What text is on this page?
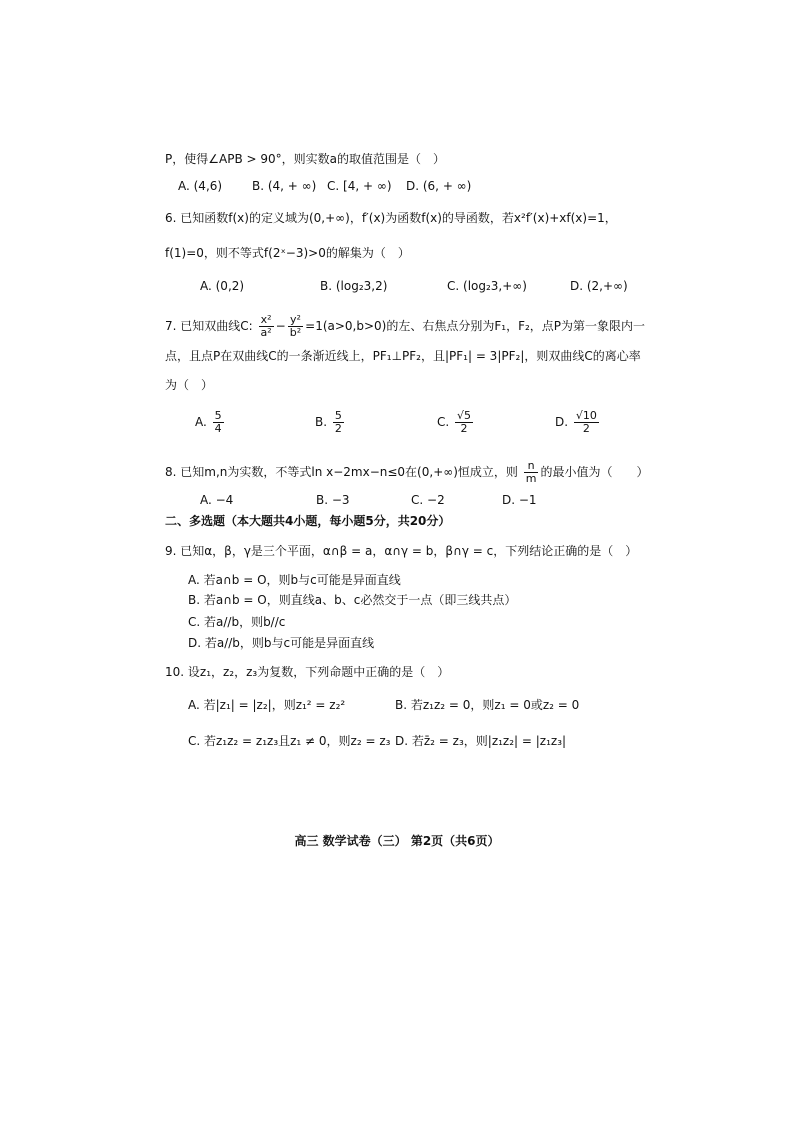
P，使得∠APB > 90°，则实数a的取值范围是（　）
A. (4,6) B. (4, + ∞) C. [4, + ∞) D. (6, + ∞)
6. 已知函数f(x)的定义域为(0,+∞)，f′(x)为函数f(x)的导函数，若x²f′(x)+xf(x)=1，
f(1)=0，则不等式f(2ˣ−3)>0的解集为（　）
A. (0,2)	B. (log₂3,2)	C. (log₂3,+∞)	D. (2,+∞)
7. 已知双曲线C: $\frac{\text{x²}}{\text{a²}} - \frac{\text{y²}}{\text{b²}} =1(a>0,b>0)$的左、右焦点分别为F₁，F₂，点P为第一象限内一
点，且点P在双曲线C的一条渐近线上，PF₁⊥PF₂，且|PF₁| = 3|PF₂|，则双曲线C的离心率
为（　）
A. $\frac{5}{4}$	B. $\frac{5}{2}$	C. $\frac{√5}{2}$	D. $\frac{√10}{2}$
8. 已知m,n为实数，不等式ln x−2mx−n≤0在(0,+∞)恒成立，则 $\frac{n}{m}$ 的最小值为（　　）
A. −4	B. −3	C. −2	D. −1
二、多选题（本大题共4小题，每小题5分，共20分）
9. 已知α，β，γ是三个平面，α∩β = a，α∩γ = b，β∩γ = c，下列结论正确的是（　）
A. 若a∩b = O，则b与c可能是异面直线
B. 若a∩b = O，则直线a、b、c必然交于一点（即三线共点）
C. 若a//b，则b//c
D. 若a//b，则b与c可能是异面直线
10. 设z₁，z₂，z₃为复数，下列命题中正确的是（　）
A. 若|z₁| = |z₂|，则z₁² = z₂²	B. 若z₁z₂ = 0，则z₁ = 0或z₂ = 0
C. 若z₁z₂ = z₁z₃且z₁ ≠ 0，则z₂ = z₃ D. 若z̄₂ = z₃，则|z₁z₂| = |z₁z₃|
高三 数学试卷（三） 第2页（共6页）
